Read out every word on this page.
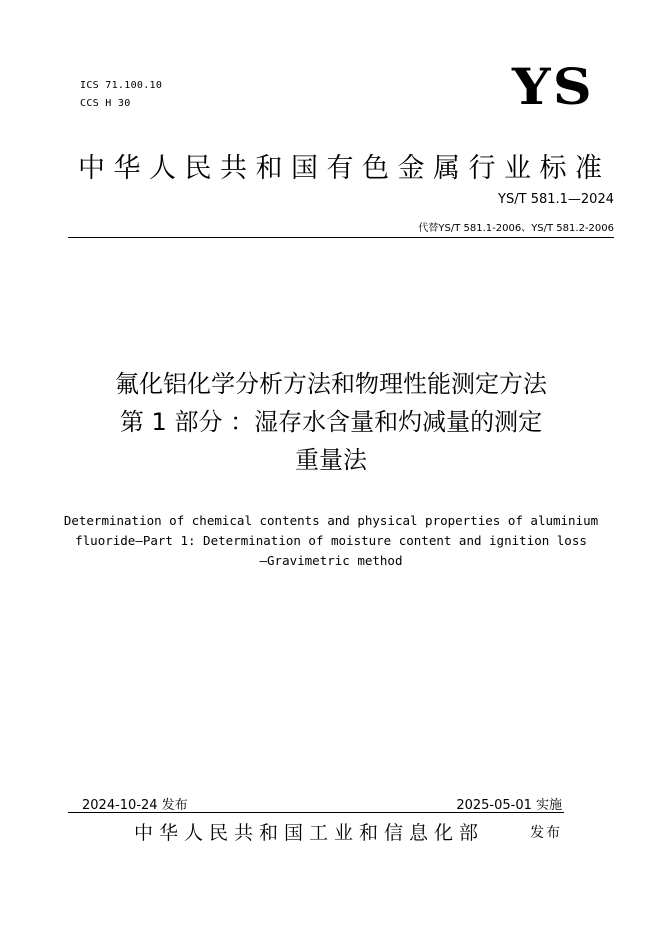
ICS 71.100.10
CCS H 30	YS
中华人民共和国有色金属行业标准
YS/T 581.1—2024
代替YS/T 581.1-2006、YS/T 581.2-2006
氟化铝化学分析方法和物理性能测定方法
第 1 部分 ：湿存水含量和灼减量的测定
重量法
Determination of chemical contents and physical properties of aluminium
fluoride—Part 1: Determination of moisture content and ignition loss
—Gravimetric method
2024-10-24 发布	2025-05-01 实施
中华人民共和国工业和信息化部	发布
